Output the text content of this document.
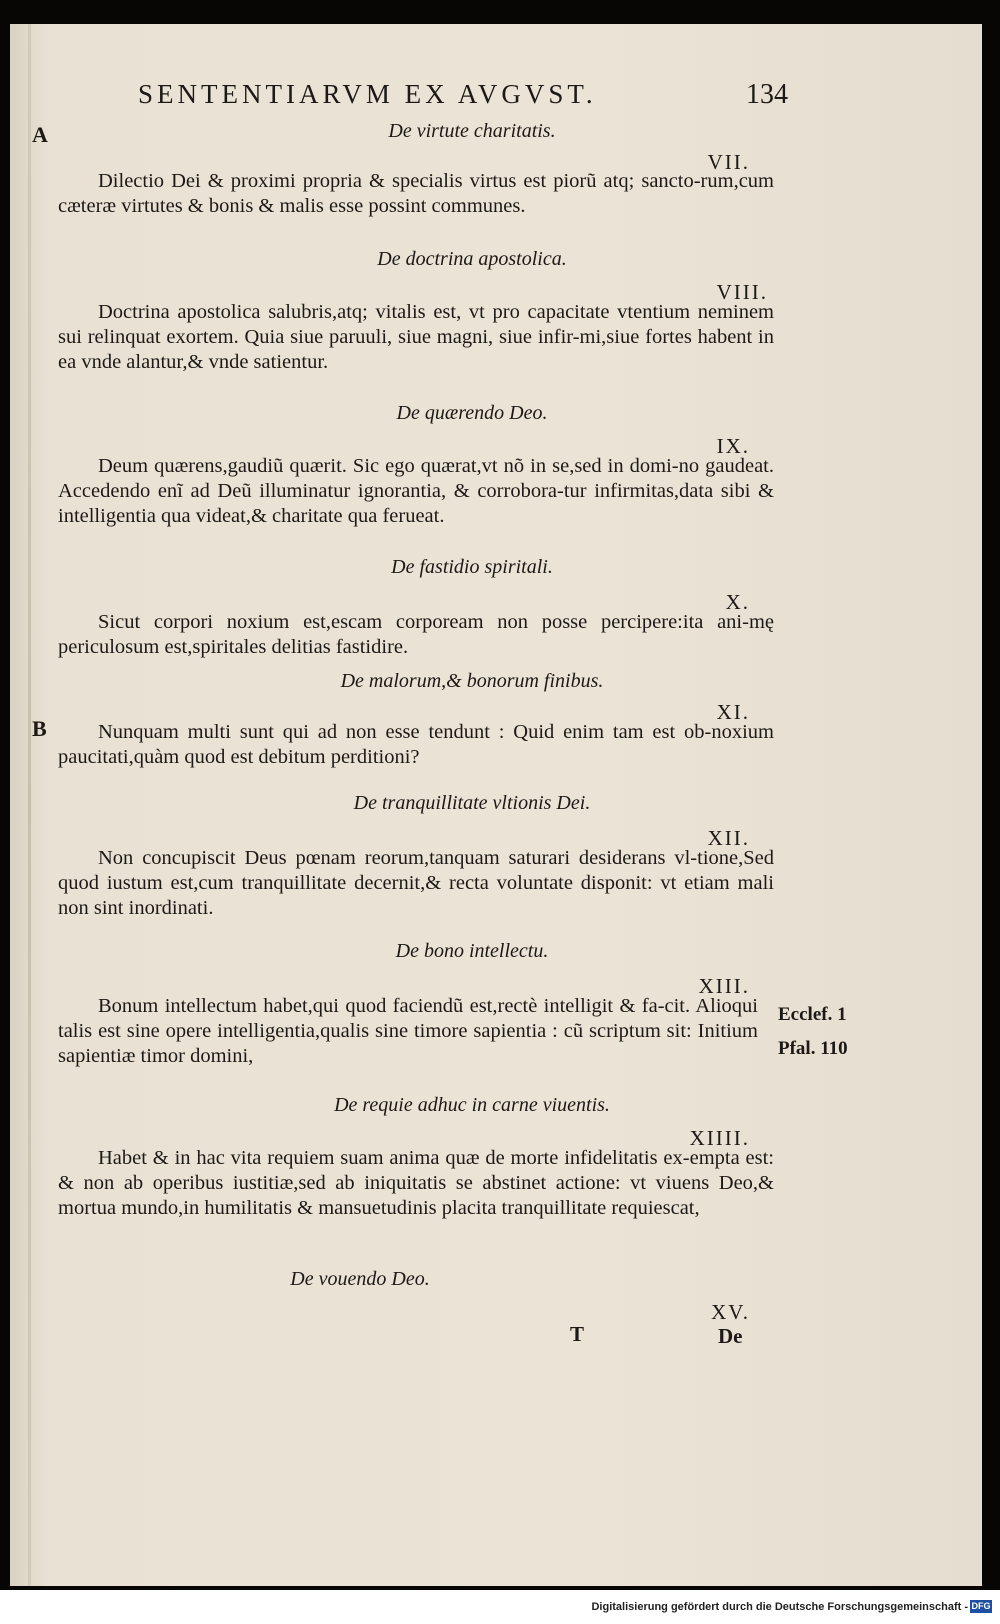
SENTENTIARVM EX AVGVST.	134
A	De virtute charitatis.
VII.
Dilectio Dei & proximi propria & specialis virtus est piorũ atq; sancto-rum,cum cæteræ virtutes & bonis & malis esse possint communes.
De doctrina apostolica.
VIII.
Doctrina apostolica salubris,atq; vitalis est, vt pro capacitate vtentium neminem sui relinquat exortem. Quia siue paruuli, siue magni, siue infir-mi,siue fortes habent in ea vnde alantur,& vnde satientur.
De quærendo Deo.
IX.
Deum quærens,gaudiũ quærit. Sic ego quærat,vt nõ in se,sed in domi-no gaudeat. Accedendo enĩ ad Deũ illuminatur ignorantia, & corrobora-tur infirmitas,data sibi & intelligentia qua videat,& charitate qua ferueat.
De fastidio spiritali.
X.
Sicut corpori noxium est,escam corpoream non posse percipere:ita ani-mę periculosum est,spiritales delitias fastidire.
B
De malorum,& bonorum finibus.
XI.
Nunquam multi sunt qui ad non esse tendunt : Quid enim tam est ob-noxium paucitati,quàm quod est debitum perditioni?
De tranquillitate vltionis Dei.
XII.
Non concupiscit Deus pœnam reorum,tanquam saturari desiderans vl-tione,Sed quod iustum est,cum tranquillitate decernit,& recta voluntate disponit: vt etiam mali non sint inordinati.
De bono intellectu.
XIII.
Bonum intellectum habet,qui quod faciendũ est,rectè intelligit & fa-cit. Alioqui talis est sine opere intelligentia,qualis sine timore sapientia : cũ scriptum sit: Initium sapientiæ timor domini,
Ecclef. 1
Pfal. 110
De requie adhuc in carne viuentis.
XIIII.
Habet & in hac vita requiem suam anima quæ de morte infidelitatis ex-empta est: & non ab operibus iustitiæ,sed ab iniquitatis se abstinet actione: vt viuens Deo,& mortua mundo,in humilitatis & mansuetudinis placita tranquillitate requiescat,
De vouendo Deo.
XV.
T	De
Digitalisierung gefördert durch die Deutsche Forschungsgemeinschaft - DFG
